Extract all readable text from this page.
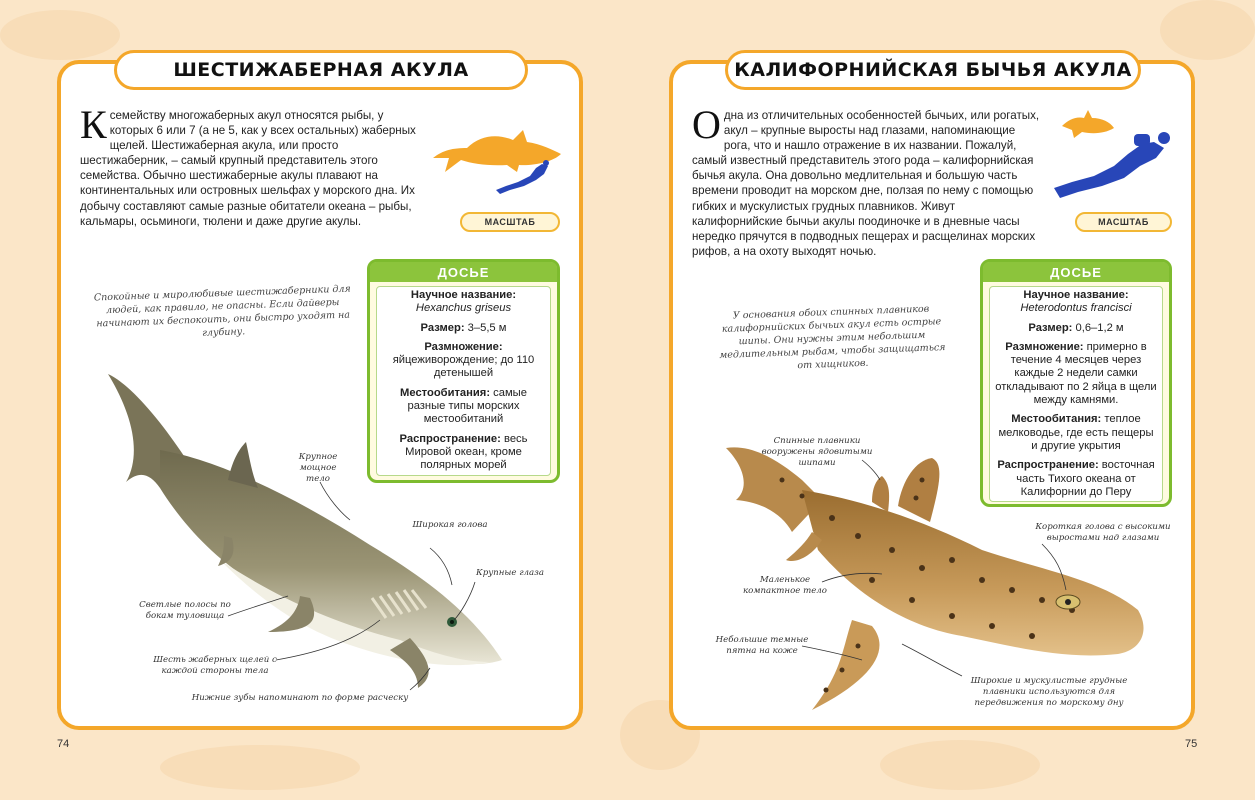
ШЕСТИЖАБЕРНАЯ АКУЛА
К семейству многожаберных акул относятся рыбы, у которых 6 или 7 (а не 5, как у всех остальных) жаберных щелей. Шестижаберная акула, или просто шестижаберник, – самый крупный представитель этого семейства. Обычно шестижаберные акулы плавают на континентальных или островных шельфах у морского дна. Их добычу составляют самые разные обитатели океана – рыбы, кальмары, осьминоги, тюлени и даже другие акулы.	МАСШТАБ
ДОСЬЕ

Научное название:
Hexanchus griseus

Размер: 3–5,5 м

Размножение: яйцеживорождение; до 110 детенышей

Местообитания: самые разные типы морских местообитаний

Распространение: весь Мировой океан, кроме полярных морей

Спокойные и миролюбивые шестижаберники для людей, как правило, не опасны. Если дайверы начинают их беспокоить, они быстро уходят на глубину.
Крупное мощное тело
Широкая голова
Крупные глаза
Светлые полосы по бокам туловища
Шесть жаберных щелей с каждой стороны тела
Нижние зубы напоминают по форме расческу
74
КАЛИФОРНИЙСКАЯ БЫЧЬЯ АКУЛА
Одна из отличительных особенностей бычьих, или рогатых, акул – крупные выросты над глазами, напоминающие рога, что и нашло отражение в их названии. Пожалуй, самый известный представитель этого рода – калифорнийская бычья акула. Она довольно медлительная и большую часть времени проводит на морском дне, ползая по нему с помощью гибких и мускулистых грудных плавников. Живут калифорнийские бычьи акулы поодиночке и в дневные часы нередко прячутся в подводных пещерах и расщелинах морских рифов, а на охоту выходят ночью.
МАСШТАБ
ДОСЬЕ

Научное название:
Heterodontus francisci

Размер: 0,6–1,2 м

Размножение: примерно в течение 4 месяцев через каждые 2 недели самки откладывают по 2 яйца в щели между камнями.

Местообитания: теплое мелководье, где есть пещеры и другие укрытия

Распространение: восточная часть Тихого океана от Калифорнии до Перу

У основания обоих спинных плавников калифорнийских бычьих акул есть острые шипы. Они нужны этим небольшим медлительным рыбам, чтобы защищаться от хищников.
Спинные плавники вооружены ядовитыми шипами
Короткая голова с высокими выростами над глазами
Маленькое компактное тело
Небольшие темные пятна на коже
Широкие и мускулистые грудные плавники используются для передвижения по морскому дну
75
